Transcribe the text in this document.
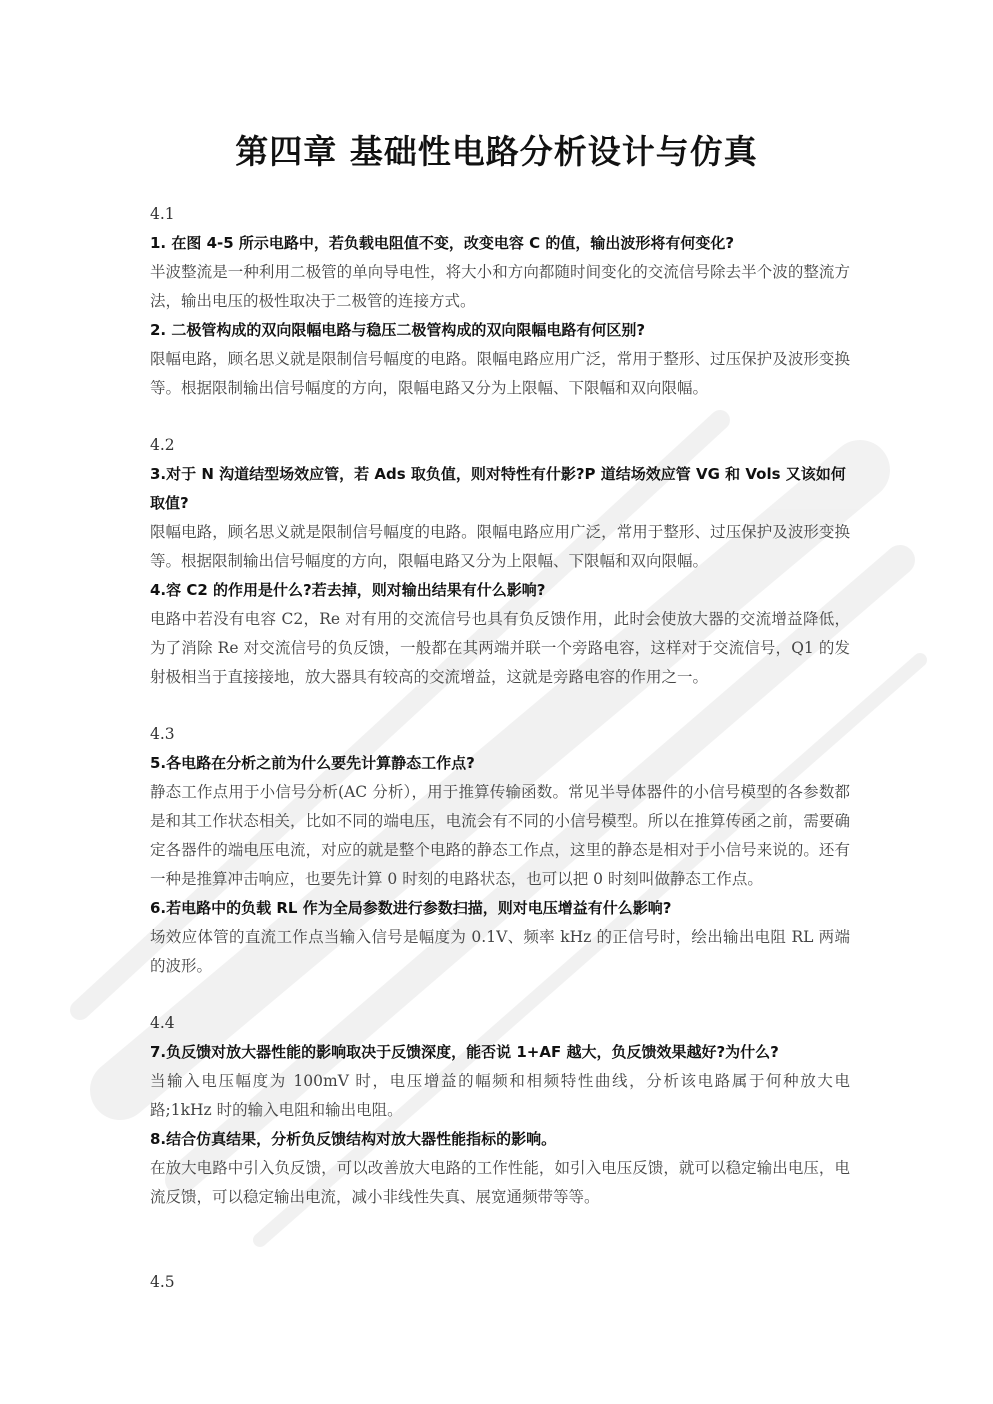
第四章 基础性电路分析设计与仿真
4.1
1. 在图 4-5 所示电路中，若负载电阻值不变，改变电容 C 的值，输出波形将有何变化?
半波整流是一种利用二极管的单向导电性，将大小和方向都随时间变化的交流信号除去半个波的整流方法，输出电压的极性取决于二极管的连接方式。
2. 二极管构成的双向限幅电路与稳压二极管构成的双向限幅电路有何区别?
限幅电路，顾名思义就是限制信号幅度的电路。限幅电路应用广泛，常用于整形、过压保护及波形变换等。根据限制输出信号幅度的方向，限幅电路又分为上限幅、下限幅和双向限幅。
4.2
3.对于 N 沟道结型场效应管，若 Ads 取负值，则对特性有什影?P 道结场效应管 VG 和 Vols 又该如何取值?
限幅电路，顾名思义就是限制信号幅度的电路。限幅电路应用广泛，常用于整形、过压保护及波形变换等。根据限制输出信号幅度的方向，限幅电路又分为上限幅、下限幅和双向限幅。
4.容 C2 的作用是什么?若去掉，则对输出结果有什么影响?
电路中若没有电容 C2，Re 对有用的交流信号也具有负反馈作用，此时会使放大器的交流增益降低，为了消除 Re 对交流信号的负反馈，一般都在其两端并联一个旁路电容，这样对于交流信号，Q1 的发射极相当于直接接地，放大器具有较高的交流增益，这就是旁路电容的作用之一。
4.3
5.各电路在分析之前为什么要先计算静态工作点?
静态工作点用于小信号分析(AC 分析），用于推算传输函数。常见半导体器件的小信号模型的各参数都是和其工作状态相关，比如不同的端电压，电流会有不同的小信号模型。所以在推算传函之前，需要确定各器件的端电压电流，对应的就是整个电路的静态工作点，这里的静态是相对于小信号来说的。还有一种是推算冲击响应，也要先计算 0 时刻的电路状态，也可以把 0 时刻叫做静态工作点。
6.若电路中的负载 RL 作为全局参数进行参数扫描，则对电压增益有什么影响?
场效应体管的直流工作点当输入信号是幅度为 0.1V、频率 kHz 的正信号时，绘出输出电阻 RL 两端的波形。
4.4
7.负反馈对放大器性能的影响取决于反馈深度，能否说 1+AF 越大，负反馈效果越好?为什么?
当输入电压幅度为 100mV 时，电压增益的幅频和相频特性曲线，分析该电路属于何种放大电路;1kHz 时的输入电阻和输出电阻。
8.结合仿真结果，分析负反馈结构对放大器性能指标的影响。
在放大电路中引入负反馈，可以改善放大电路的工作性能，如引入电压反馈，就可以稳定输出电压，电流反馈，可以稳定输出电流，减小非线性失真、展宽通频带等等。
4.5
